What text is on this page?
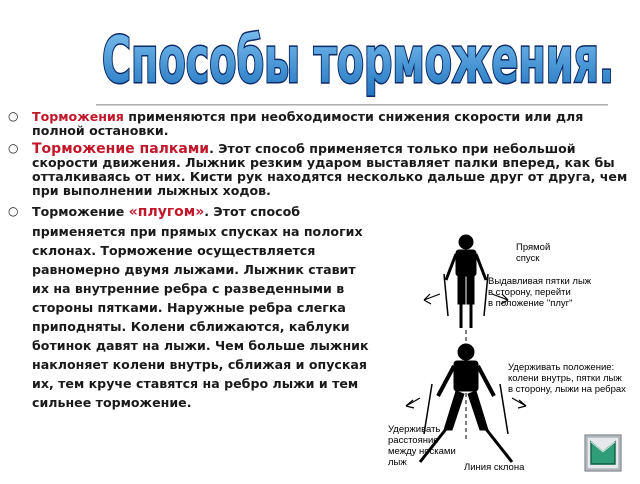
Способы торможения.
○ Торможения применяются при необходимости снижения скорости или для полной остановки.
○ Торможение палками. Этот способ применяется только при небольшой скорости движения. Лыжник резким ударом выставляет палки вперед, как бы отталкиваясь от них. Кисти рук находятся несколько дальше друг от друга, чем при выполнении лыжных ходов.
○ Торможение «плугом». Этот способ применяется при прямых спусках на пологих склонах. Торможение осуществляется равномерно двумя лыжами. Лыжник ставит их на внутренние ребра с разведенными в стороны пятками. Наружные ребра слегка приподняты. Колени сближаются, каблуки ботинок давят на лыжи. Чем больше лыжник наклоняет колени внутрь, сближая и опуская их, тем круче ставятся на ребро лыжи и тем сильнее торможение.
Прямой
спуск
Выдавливая пятки лыж
в сторону, перейти
в положение "плуг"
Удерживать положение:
колени внутрь, пятки лыж
в сторону, лыжи на ребрах
Удерживать
расстояние
между носками
лыж	Линия склона
